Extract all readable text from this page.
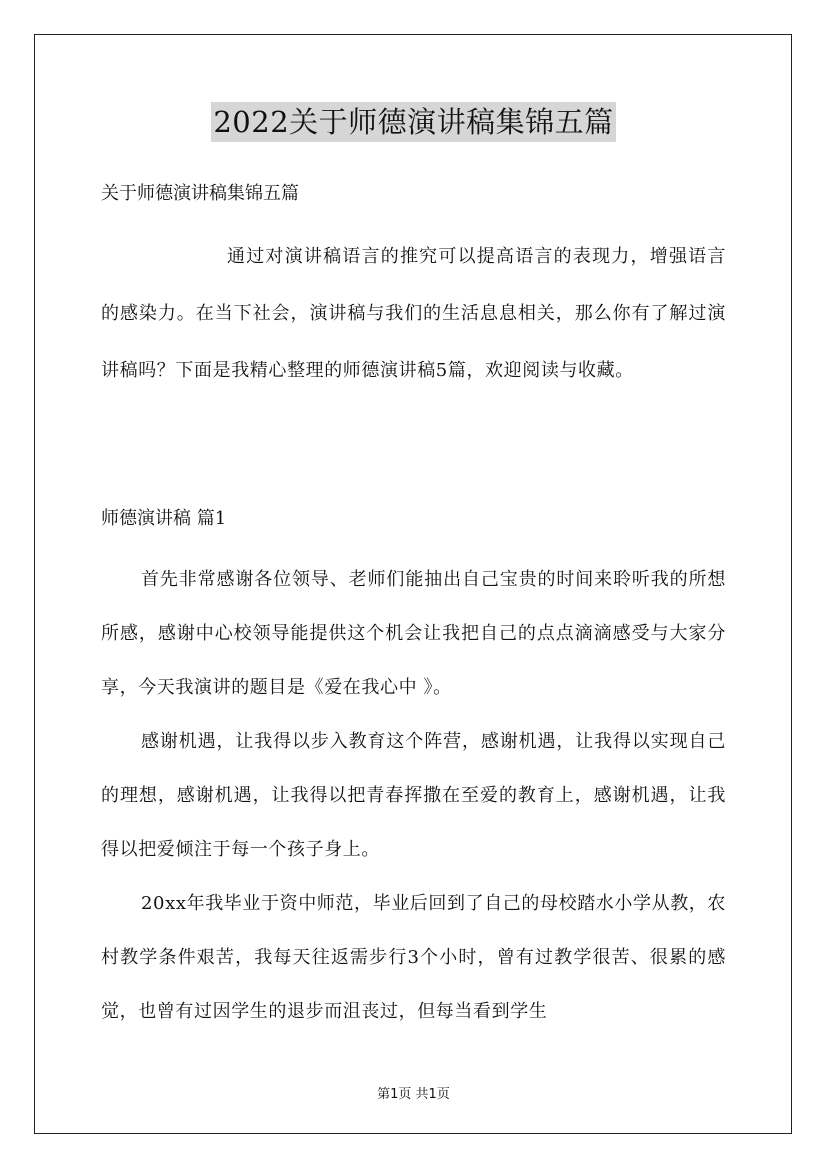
2022关于师德演讲稿集锦五篇

关于师德演讲稿集锦五篇

通过对演讲稿语言的推究可以提高语言的表现力，增强语言的感染力。在当下社会，演讲稿与我们的生活息息相关，那么你有了解过演讲稿吗？下面是我精心整理的师德演讲稿5篇，欢迎阅读与收藏。

师德演讲稿 篇1

首先非常感谢各位领导、老师们能抽出自己宝贵的时间来聆听我的所想所感，感谢中心校领导能提供这个机会让我把自己的点点滴滴感受与大家分享，今天我演讲的题目是《爱在我心中 》。

感谢机遇，让我得以步入教育这个阵营，感谢机遇，让我得以实现自己的理想，感谢机遇，让我得以把青春挥撒在至爱的教育上，感谢机遇，让我得以把爱倾注于每一个孩子身上。

20xx年我毕业于资中师范，毕业后回到了自己的母校踏水小学从教，农村教学条件艰苦，我每天往返需步行3个小时，曾有过教学很苦、很累的感觉，也曾有过因学生的退步而沮丧过，但每当看到学生

第1页 共1页
